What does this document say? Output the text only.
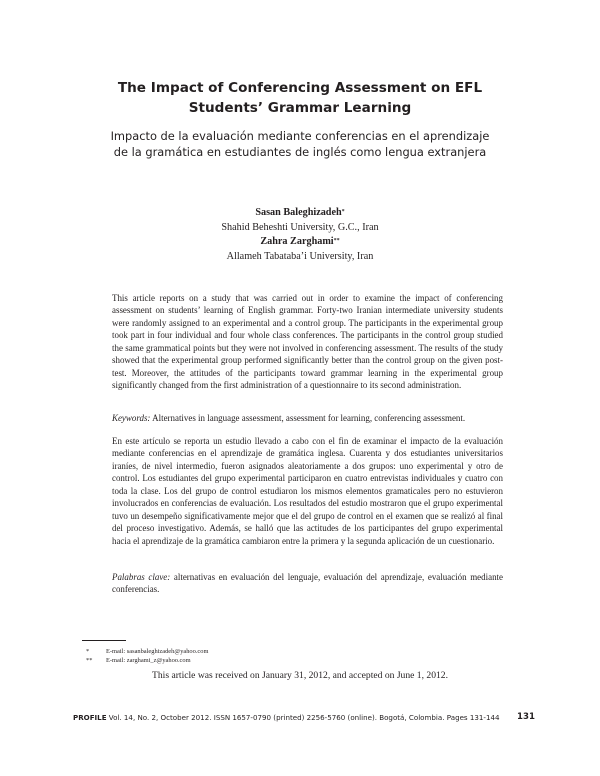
The Impact of Conferencing Assessment on EFL
Students’ Grammar Learning
Impacto de la evaluación mediante conferencias en el aprendizaje
de la gramática en estudiantes de inglés como lengua extranjera
Sasan Baleghizadeh*
Shahid Beheshti University, G.C., Iran
Zahra Zarghami**
Allameh Tabataba’i University, Iran
This article reports on a study that was carried out in order to examine the impact of conferencing assessment on students’ learning of English grammar. Forty-two Iranian intermediate university students were randomly assigned to an experimental and a control group. The participants in the experimental group took part in four individual and four whole class conferences. The participants in the control group studied the same grammatical points but they were not involved in conferencing assessment. The results of the study showed that the experimental group performed significantly better than the control group on the given post-test. Moreover, the attitudes of the participants toward grammar learning in the experimental group significantly changed from the first administration of a questionnaire to its second administration.
Keywords: Alternatives in language assessment, assessment for learning, conferencing assessment.
En este artículo se reporta un estudio llevado a cabo con el fin de examinar el impacto de la evaluación mediante conferencias en el aprendizaje de gramática inglesa. Cuarenta y dos estudiantes universitarios iraníes, de nivel intermedio, fueron asignados aleatoriamente a dos grupos: uno experimental y otro de control. Los estudiantes del grupo experimental participaron en cuatro entrevistas individuales y cuatro con toda la clase. Los del grupo de control estudiaron los mismos elementos gramaticales pero no estuvieron involucrados en conferencias de evaluación. Los resultados del estudio mostraron que el grupo experimental tuvo un desempeño significativamente mejor que el del grupo de control en el examen que se realizó al final del proceso investigativo. Además, se halló que las actitudes de los participantes del grupo experimental hacia el aprendizaje de la gramática cambiaron entre la primera y la segunda aplicación de un cuestionario.
Palabras clave: alternativas en evaluación del lenguaje, evaluación del aprendizaje, evaluación mediante conferencias.
*	E-mail: sasanbaleghizadeh@yahoo.com
** E-mail: zarghami_z@yahoo.com
This article was received on January 31, 2012, and accepted on June 1, 2012.
PROFILE Vol. 14, No. 2, October 2012. ISSN 1657-0790 (printed) 2256-5760 (online). Bogotá, Colombia. Pages 131-144 131
